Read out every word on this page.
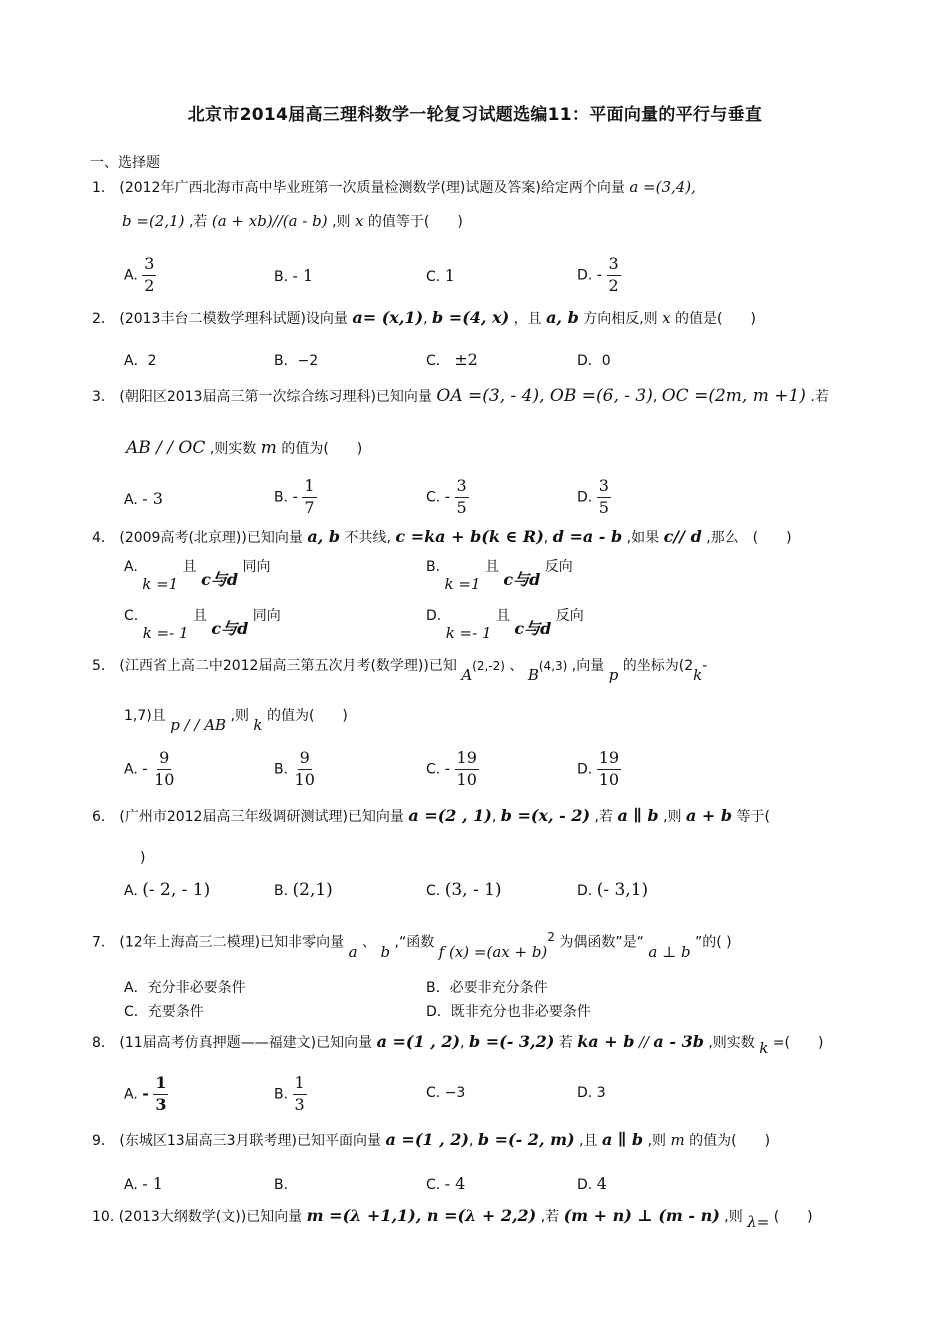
北京市2014届高三理科数学一轮复习试题选编11：平面向量的平行与垂直
一、选择题
1． (2012年广西北海市高中毕业班第一次质量检测数学(理)试题及答案)给定两个向量 a =(3,4),
b =(2,1) ,若 (a + xb)//(a - b) ,则 x 的值等于(　　)
A. $\frac{3}{2}$	B. - 1	C. 1	D. - $\frac{3}{2}$
2． (2013丰台二模数学理科试题)设向量 a= (x,1), b =(4, x) ，且 a, b 方向相反,则 x 的值是(　　)
A．2	B．−2	C． ±2	D．0
3． (朝阳区2013届高三第一次综合练习理科)已知向量 OA =(3, - 4), OB =(6, - 3), OC =(2m, m +1) .若
AB / / OC ,则实数 m 的值为(　　)
A. - 3	B. - $\frac{1}{7}$	C. - $\frac{3}{5}$	D. $\frac{3}{5}$
4． (2009高考(北京理))已知向量 a, b 不共线, c =ka + b(k ∈ R), d =a - b ,如果 c// d ,那么　(　　)
A. k =1 且 c与d 同向	B. k =1 且 c与d 反向
C. k =- 1 且 c与d 同向	D. k =- 1 且 c与d 反向
5． (江西省上高二中2012届高三第五次月考(数学理))已知 A(2,-2) 、 B(4,3) ,向量 p 的坐标为(2k-
1,7)且 p / / AB ,则 k 的值为(　　)
A. - $\frac{9}{10}$	B. $\frac{9}{10}$	C. - $\frac{19}{10}$	D. $\frac{19}{10}$
6． (广州市2012届高三年级调研测试理)已知向量 a =(2 , 1), b =(x, - 2) ,若 a ∥ b ,则 a + b 等于(
)
A. (- 2, - 1)	B. (2,1)	C. (3, - 1)	D. (- 3,1)
7． (12年上海高三二模理)已知非零向量 a 、 b ,“函数 f (x) =(ax + b)$^2$ 为偶函数”是“ a ⊥ b ”的( )
A．充分非必要条件	B．必要非充分条件
C．充要条件	D．既非充分也非必要条件
8． (11届高考仿真押题——福建文)已知向量 a =(1 , 2), b =(- 3,2) 若 ka + b // a - 3b ,则实数 k =(　　)
A. - $\frac{1}{3}$	B. $\frac{1}{3}$	C. −3	D. 3
9． (东城区13届高三3月联考理)已知平面向量 a =(1 , 2), b =(- 2, m) ,且 a ∥ b ,则 m 的值为(　　)
A. - 1	B.	C. - 4	D. 4
10. (2013大纲数学(文))已知向量 m =(λ +1,1), n =(λ + 2,2) ,若 (m + n) ⊥ (m - n) ,则 λ= (　　)
